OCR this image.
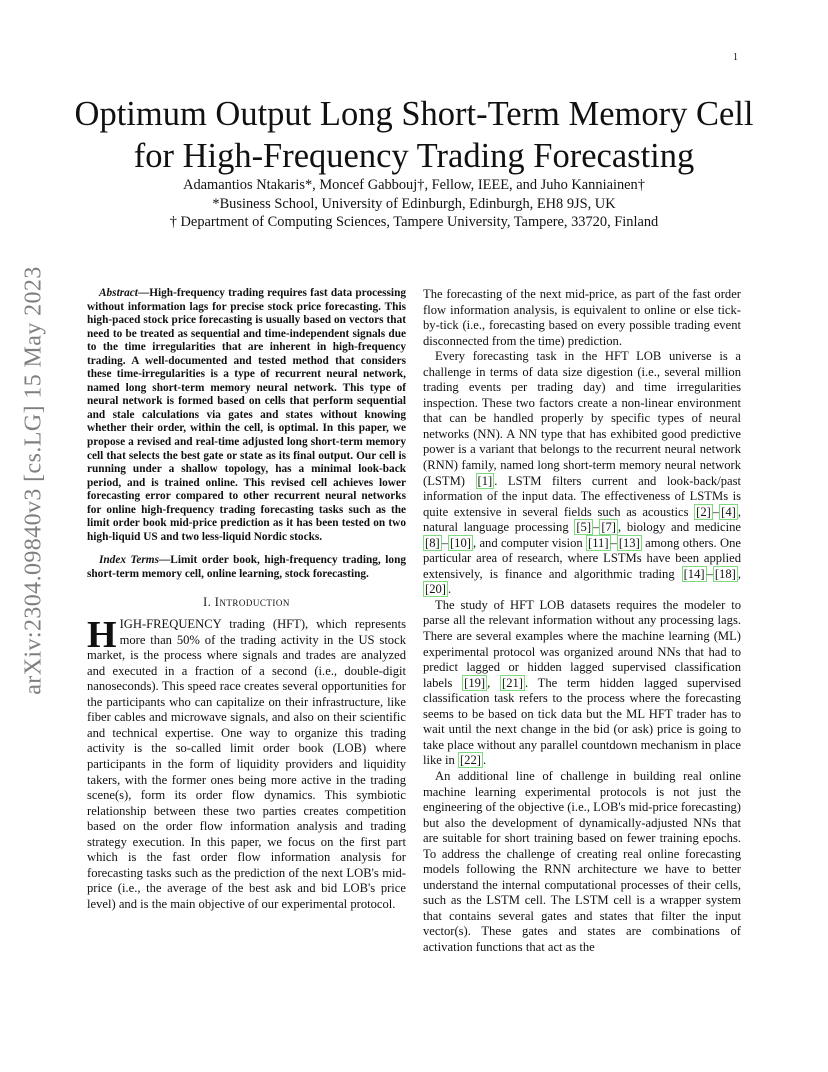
1
arXiv:2304.09840v3 [cs.LG] 15 May 2023
Optimum Output Long Short-Term Memory Cell
for High-Frequency Trading Forecasting
Adamantios Ntakaris*, Moncef Gabbouj†, Fellow, IEEE, and Juho Kanniainen†
*Business School, University of Edinburgh, Edinburgh, EH8 9JS, UK
† Department of Computing Sciences, Tampere University, Tampere, 33720, Finland

Abstract—High-frequency trading requires fast data processing without information lags for precise stock price forecasting. This high-paced stock price forecasting is usually based on vectors that need to be treated as sequential and time-independent signals due to the time irregularities that are inherent in high-frequency trading. A well-documented and tested method that considers these time-irregularities is a type of recurrent neural network, named long short-term memory neural network. This type of neural network is formed based on cells that perform sequential and stale calculations via gates and states without knowing whether their order, within the cell, is optimal. In this paper, we propose a revised and real-time adjusted long short-term memory cell that selects the best gate or state as its final output. Our cell is running under a shallow topology, has a minimal look-back period, and is trained online. This revised cell achieves lower forecasting error compared to other recurrent neural networks for online high-frequency trading forecasting tasks such as the limit order book mid-price prediction as it has been tested on two high-liquid US and two less-liquid Nordic stocks.

Index Terms—Limit order book, high-frequency trading, long short-term memory cell, online learning, stock forecasting.

I. Introduction

HIGH-FREQUENCY trading (HFT), which represents more than 50% of the trading activity in the US stock market, is the process where signals and trades are analyzed and executed in a fraction of a second (i.e., double-digit nanoseconds). This speed race creates several opportunities for the participants who can capitalize on their infrastructure, like fiber cables and microwave signals, and also on their scientific and technical expertise. One way to organize this trading activity is the so-called limit order book (LOB) where participants in the form of liquidity providers and liquidity takers, with the former ones being more active in the trading scene(s), form its order flow dynamics. This symbiotic relationship between these two parties creates competition based on the order flow information analysis and trading strategy execution. In this paper, we focus on the first part which is the fast order flow information analysis for forecasting tasks such as the prediction of the next LOB's mid-price (i.e., the average of the best ask and bid LOB's price level) and is the main objective of our experimental protocol.

The forecasting of the next mid-price, as part of the fast order flow information analysis, is equivalent to online or else tick-by-tick (i.e., forecasting based on every possible trading event disconnected from the time) prediction.

Every forecasting task in the HFT LOB universe is a challenge in terms of data size digestion (i.e., several million trading events per trading day) and time irregularities inspection. These two factors create a non-linear environment that can be handled properly by specific types of neural networks (NN). A NN type that has exhibited good predictive power is a variant that belongs to the recurrent neural network (RNN) family, named long short-term memory neural network (LSTM) [1] . LSTM filters current and look-back/past information of the input data. The effectiveness of LSTMs is quite extensive in several fields such as acoustics [2] – [4] , natural language processing [5] – [7] , biology and medicine [8] – [10] , and computer vision [11] – [13] among others. One particular area of research, where LSTMs have been applied extensively, is finance and algorithmic trading [14] – [18] , [20] .

The study of HFT LOB datasets requires the modeler to parse all the relevant information without any processing lags. There are several examples where the machine learning (ML) experimental protocol was organized around NNs that had to predict lagged or hidden lagged supervised classification labels [19] , [21] . The term hidden lagged supervised classification task refers to the process where the forecasting seems to be based on tick data but the ML HFT trader has to wait until the next change in the bid (or ask) price is going to take place without any parallel countdown mechanism in place like in [22] .

An additional line of challenge in building real online machine learning experimental protocols is not just the engineering of the objective (i.e., LOB's mid-price forecasting) but also the development of dynamically-adjusted NNs that are suitable for short training based on fewer training epochs. To address the challenge of creating real online forecasting models following the RNN architecture we have to better understand the internal computational processes of their cells, such as the LSTM cell. The LSTM cell is a wrapper system that contains several gates and states that filter the input vector(s). These gates and states are combinations of activation functions that act as the
